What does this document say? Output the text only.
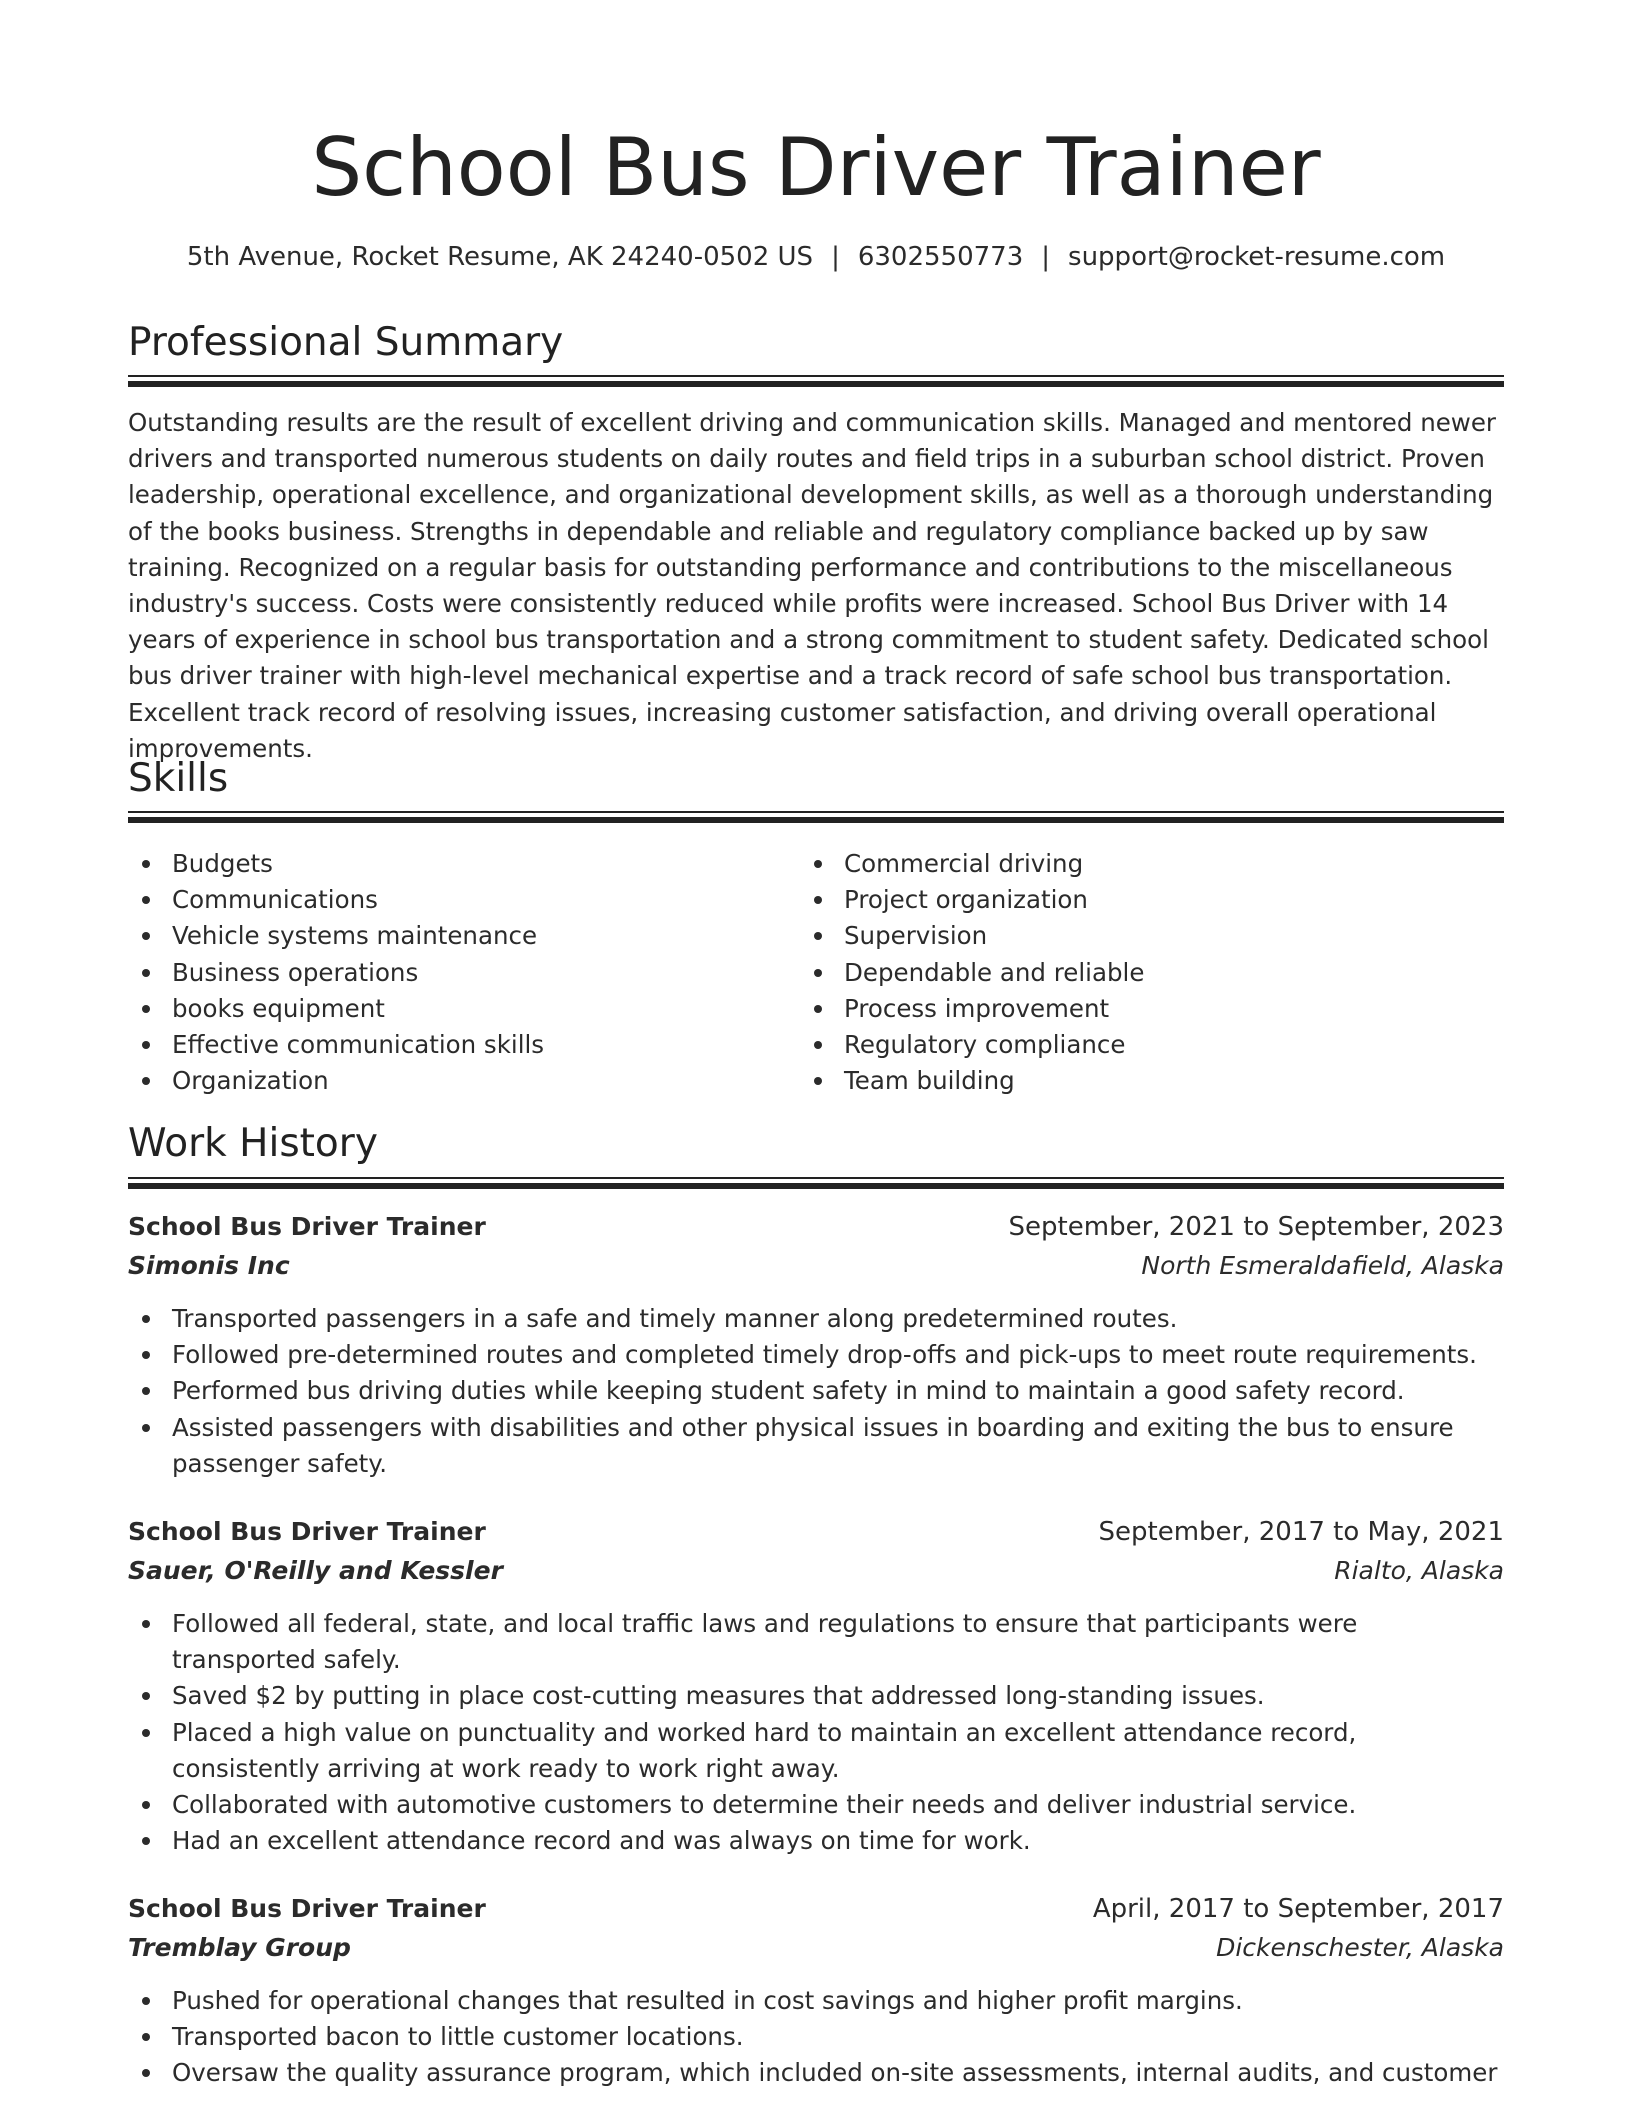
School Bus Driver Trainer
5th Avenue, Rocket Resume, AK 24240-0502 US | 6302550773 | support@rocket-resume.com
Professional Summary

Outstanding results are the result of excellent driving and communication skills. Managed and mentored newer drivers and transported numerous students on daily routes and field trips in a suburban school district. Proven leadership, operational excellence, and organizational development skills, as well as a thorough understanding of the books business. Strengths in dependable and reliable and regulatory compliance backed up by saw training. Recognized on a regular basis for outstanding performance and contributions to the miscellaneous industry's success. Costs were consistently reduced while profits were increased. School Bus Driver with 14 years of experience in school bus transportation and a strong commitment to student safety. Dedicated school bus driver trainer with high-level mechanical expertise and a track record of safe school bus transportation. Excellent track record of resolving issues, increasing customer satisfaction, and driving overall operational improvements.

Skills
Budgets
Communications
Vehicle systems maintenance
Business operations
books equipment
Effective communication skills
Organization
Commercial driving
Project organization
Supervision
Dependable and reliable
Process improvement
Regulatory compliance
Team building
Work History
School Bus Driver Trainer	September, 2021 to September, 2023
Simonis Inc	North Esmeraldafield, Alaska
Transported passengers in a safe and timely manner along predetermined routes.
Followed pre-determined routes and completed timely drop-offs and pick-ups to meet route requirements.
Performed bus driving duties while keeping student safety in mind to maintain a good safety record.
Assisted passengers with disabilities and other physical issues in boarding and exiting the bus to ensure passenger safety.
School Bus Driver Trainer	September, 2017 to May, 2021
Sauer, O'Reilly and Kessler	Rialto, Alaska
Followed all federal, state, and local traffic laws and regulations to ensure that participants were transported safely.
Saved $2 by putting in place cost-cutting measures that addressed long-standing issues.
Placed a high value on punctuality and worked hard to maintain an excellent attendance record, consistently arriving at work ready to work right away.
Collaborated with automotive customers to determine their needs and deliver industrial service.
Had an excellent attendance record and was always on time for work.
School Bus Driver Trainer	April, 2017 to September, 2017
Tremblay Group	Dickenschester, Alaska
Pushed for operational changes that resulted in cost savings and higher profit margins.
Transported bacon to little customer locations.
Oversaw the quality assurance program, which included on-site assessments, internal audits, and customer
